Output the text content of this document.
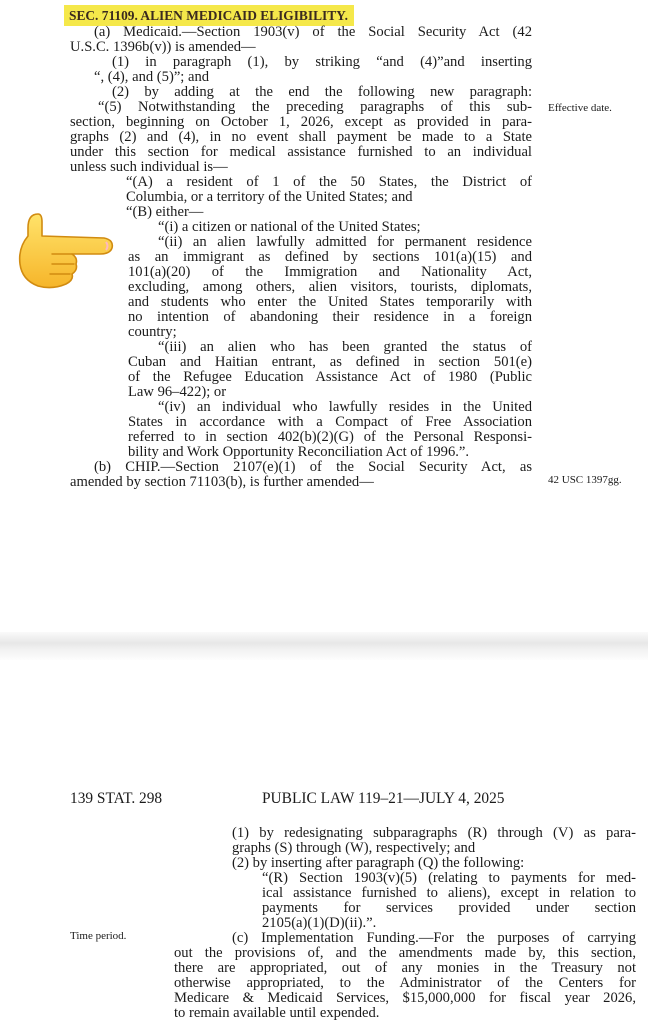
SEC. 71109. ALIEN MEDICAID ELIGIBILITY.
(a) Medicaid.—Section 1903(v) of the Social Security Act (42
U.S.C. 1396b(v)) is amended—
(1) in paragraph (1), by striking “and (4)”and inserting
“, (4), and (5)”; and
(2) by adding at the end the following new paragraph:
“(5) Notwithstanding the preceding paragraphs of this sub-
section, beginning on October 1, 2026, except as provided in para-
graphs (2) and (4), in no event shall payment be made to a State
under this section for medical assistance furnished to an individual
unless such individual is—
“(A) a resident of 1 of the 50 States, the District of
Columbia, or a territory of the United States; and
“(B) either—
“(i) a citizen or national of the United States;
“(ii) an alien lawfully admitted for permanent residence
as an immigrant as defined by sections 101(a)(15) and
101(a)(20) of the Immigration and Nationality Act,
excluding, among others, alien visitors, tourists, diplomats,
and students who enter the United States temporarily with
no intention of abandoning their residence in a foreign
country;
“(iii) an alien who has been granted the status of
Cuban and Haitian entrant, as defined in section 501(e)
of the Refugee Education Assistance Act of 1980 (Public
Law 96–422); or
“(iv) an individual who lawfully resides in the United
States in accordance with a Compact of Free Association
referred to in section 402(b)(2)(G) of the Personal Responsi-
bility and Work Opportunity Reconciliation Act of 1996.”.
(b) CHIP.—Section 2107(e)(1) of the Social Security Act, as
amended by section 71103(b), is further amended—
Effective date.
42 USC 1397gg.
139 STAT. 298	PUBLIC LAW 119–21—JULY 4, 2025
(1) by redesignating subparagraphs (R) through (V) as para-
graphs (S) through (W), respectively; and
(2) by inserting after paragraph (Q) the following:
“(R) Section 1903(v)(5) (relating to payments for med-
ical assistance furnished to aliens), except in relation to
payments for services provided under section
2105(a)(1)(D)(ii).”.
(c) Implementation Funding.—For the purposes of carrying
out the provisions of, and the amendments made by, this section,
there are appropriated, out of any monies in the Treasury not
otherwise appropriated, to the Administrator of the Centers for
Medicare & Medicaid Services, $15,000,000 for fiscal year 2026,
to remain available until expended.
Time period.
